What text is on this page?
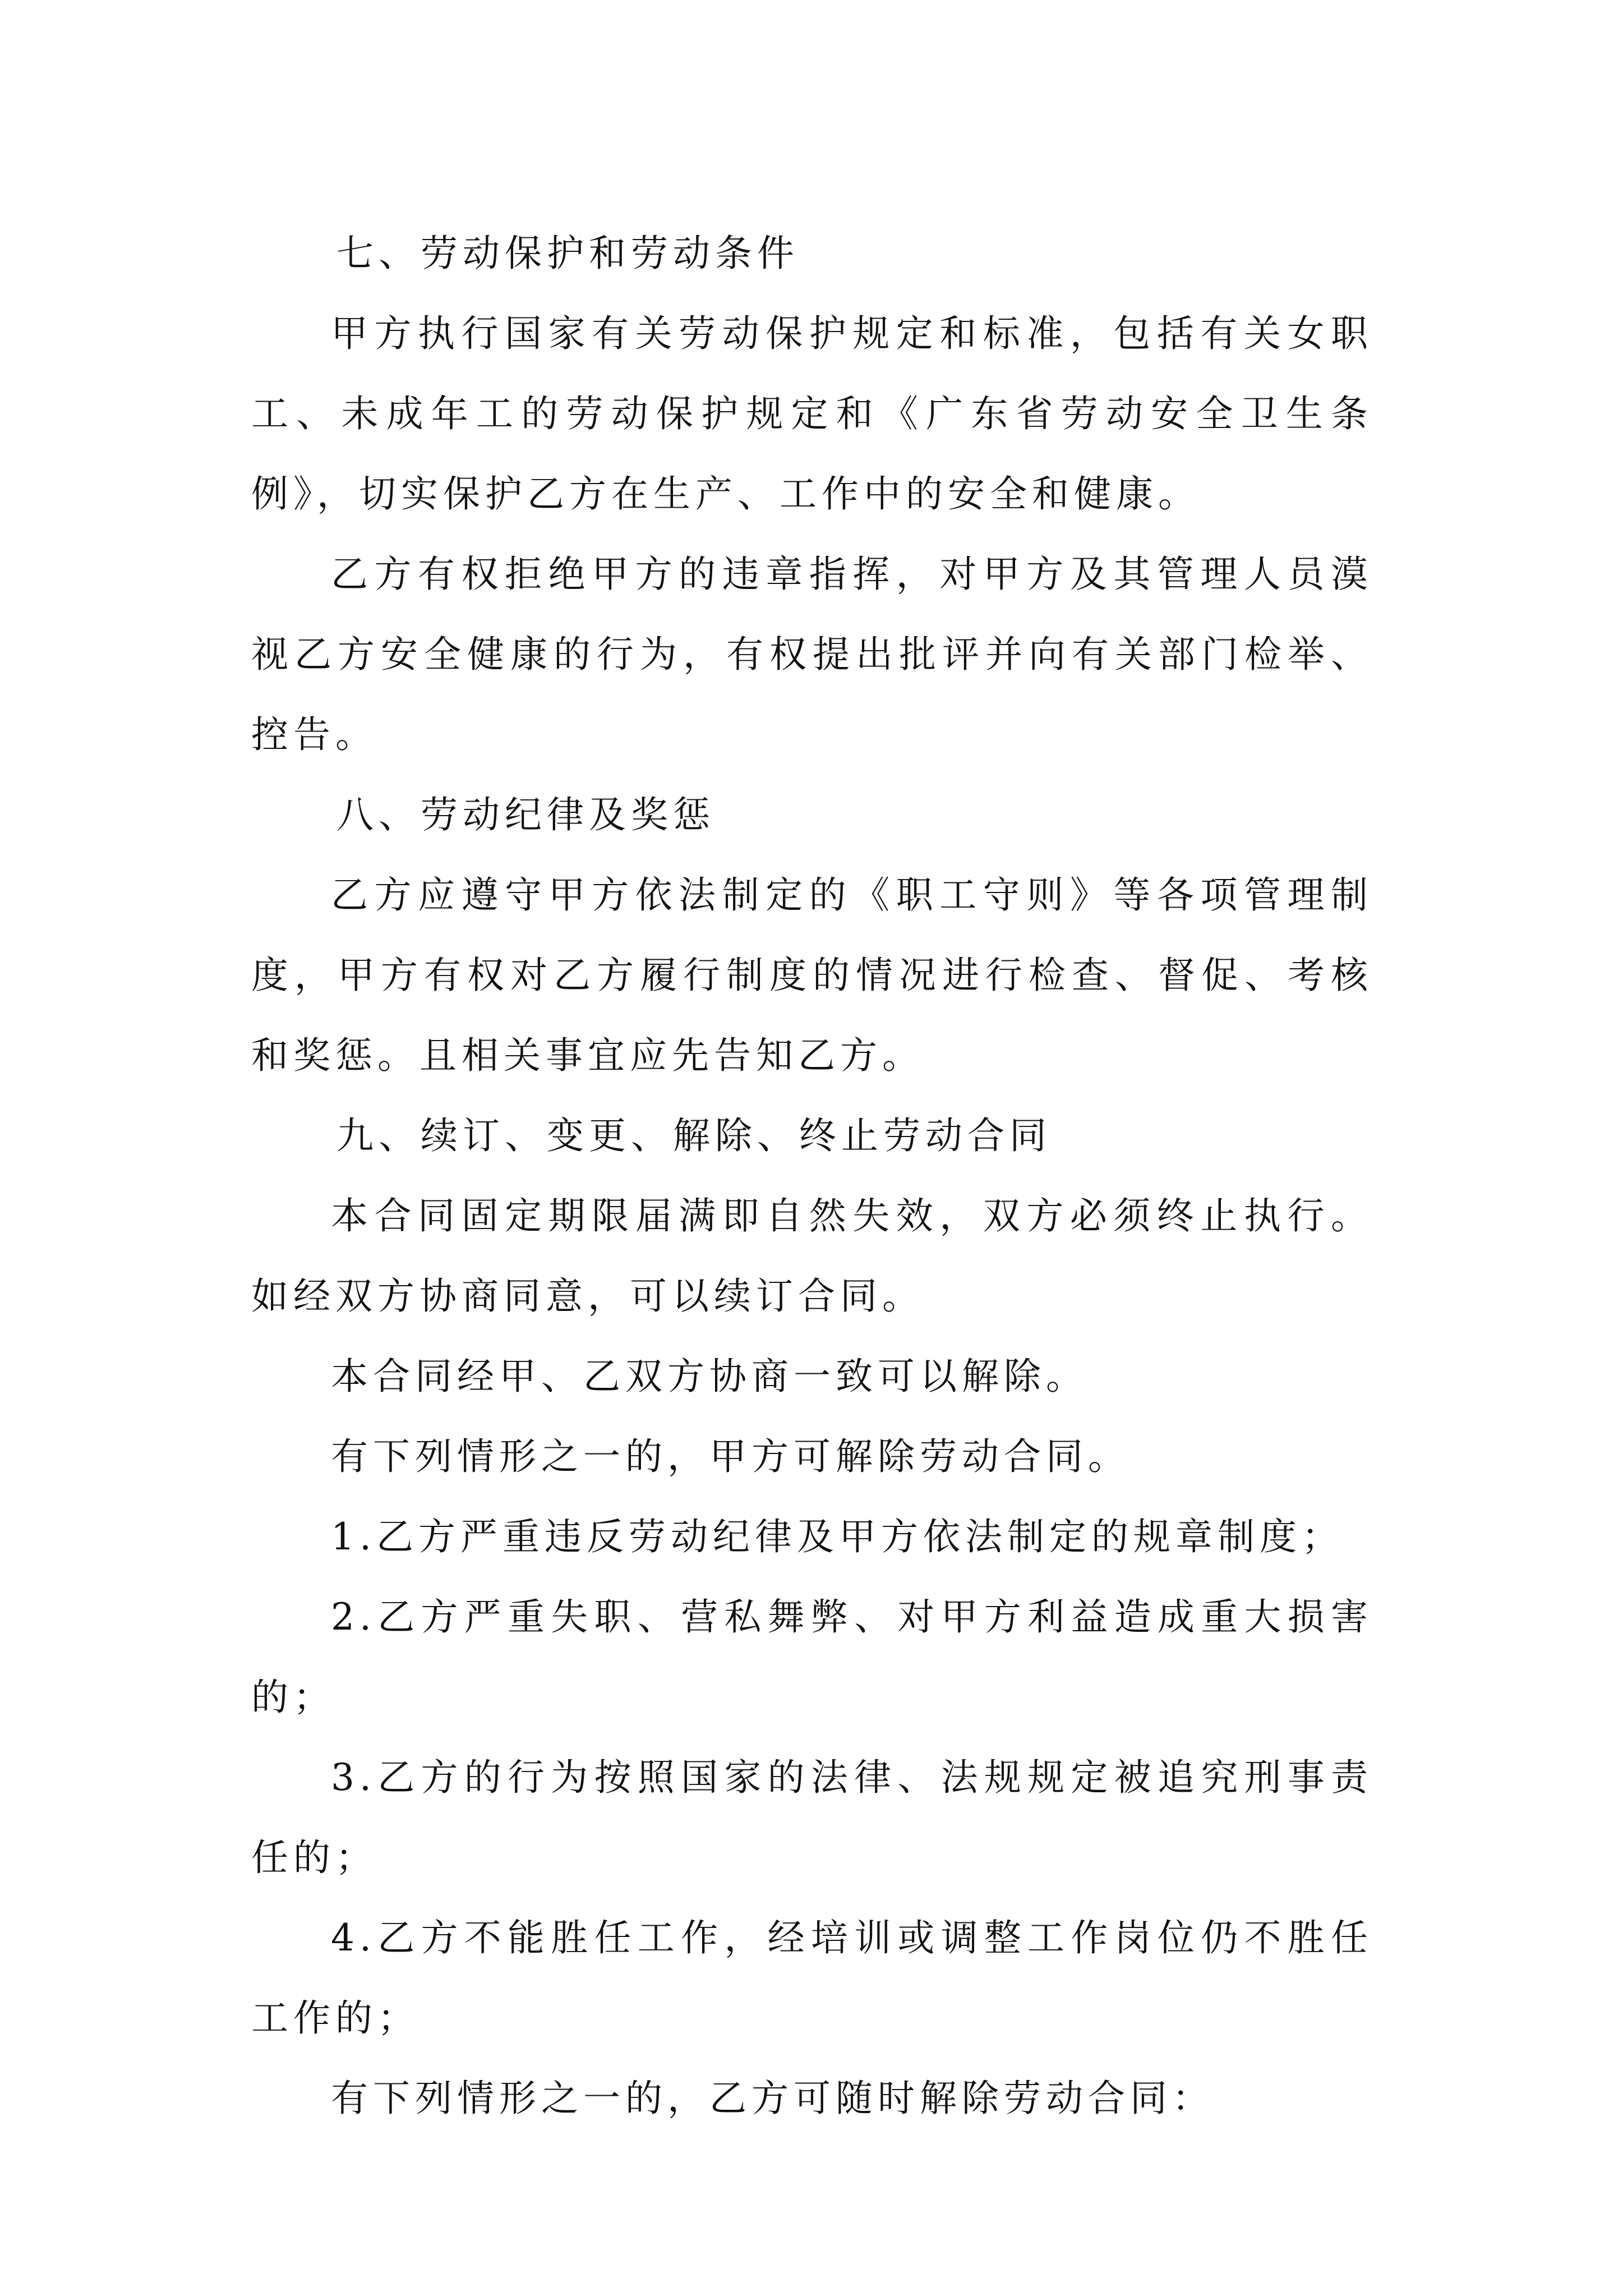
七、劳动保护和劳动条件

甲方执行国家有关劳动保护规定和标准，包括有关女职工、未成年工的劳动保护规定和《广东省劳动安全卫生条例》，切实保护乙方在生产、工作中的安全和健康。

乙方有权拒绝甲方的违章指挥，对甲方及其管理人员漠视乙方安全健康的行为，有权提出批评并向有关部门检举、控告。

八、劳动纪律及奖惩

乙方应遵守甲方依法制定的《职工守则》等各项管理制度，甲方有权对乙方履行制度的情况进行检查、督促、考核和奖惩。且相关事宜应先告知乙方。

九、续订、变更、解除、终止劳动合同

本合同固定期限届满即自然失效，双方必须终止执行。如经双方协商同意，可以续订合同。

本合同经甲、乙双方协商一致可以解除。

有下列情形之一的，甲方可解除劳动合同。

1.乙方严重违反劳动纪律及甲方依法制定的规章制度；

2.乙方严重失职、营私舞弊、对甲方利益造成重大损害的；

3.乙方的行为按照国家的法律、法规规定被追究刑事责任的；

4.乙方不能胜任工作，经培训或调整工作岗位仍不胜任工作的；

有下列情形之一的，乙方可随时解除劳动合同：
